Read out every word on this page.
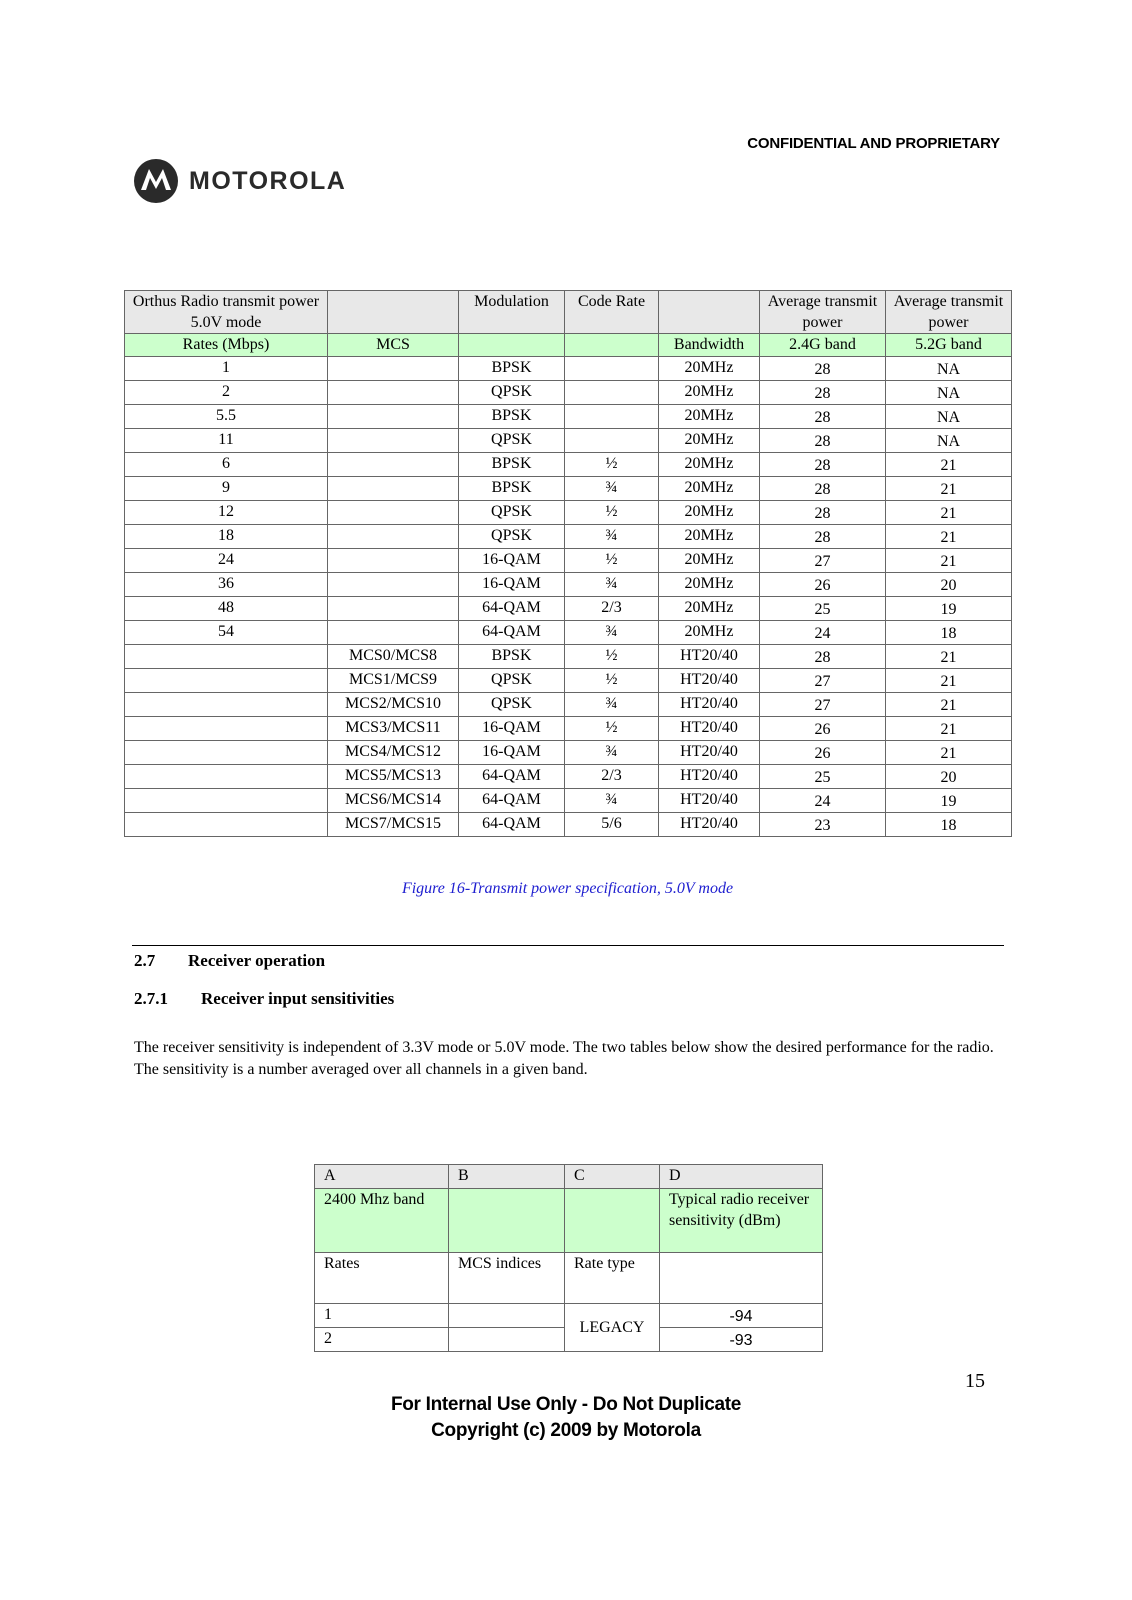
CONFIDENTIAL AND PROPRIETARY
MOTOROLA
Orthus Radio transmit power 5.0V mode		Modulation	Code Rate		Average transmit power	Average transmit power
Rates (Mbps)	MCS			Bandwidth	2.4G band	5.2G band
1		BPSK		20MHz	28	NA
2		QPSK		20MHz	28	NA
5.5		BPSK		20MHz	28	NA
11		QPSK		20MHz	28	NA
6		BPSK	½	20MHz	28	21
9		BPSK	¾	20MHz	28	21
12		QPSK	½	20MHz	28	21
18		QPSK	¾	20MHz	28	21
24		16-QAM	½	20MHz	27	21
36		16-QAM	¾	20MHz	26	20
48		64-QAM	2/3	20MHz	25	19
54		64-QAM	¾	20MHz	24	18
	MCS0/MCS8	BPSK	½	HT20/40	28	21
	MCS1/MCS9	QPSK	½	HT20/40	27	21
	MCS2/MCS10	QPSK	¾	HT20/40	27	21
	MCS3/MCS11	16-QAM	½	HT20/40	26	21
	MCS4/MCS12	16-QAM	¾	HT20/40	26	21
	MCS5/MCS13	64-QAM	2/3	HT20/40	25	20
	MCS6/MCS14	64-QAM	¾	HT20/40	24	19
	MCS7/MCS15	64-QAM	5/6	HT20/40	23	18
Figure 16-Transmit power specification, 5.0V mode
2.7 Receiver operation
2.7.1 Receiver input sensitivities
The receiver sensitivity is independent of 3.3V mode or 5.0V mode. The two tables below show the desired performance for the radio. The sensitivity is a number averaged over all channels in a given band.
A	B	C	D
2400 Mhz band			Typical radio receiver sensitivity (dBm)
Rates	MCS indices	Rate type	
1		LEGACY	-94
2			-93
15
For Internal Use Only - Do Not Duplicate
Copyright (c) 2009 by Motorola
